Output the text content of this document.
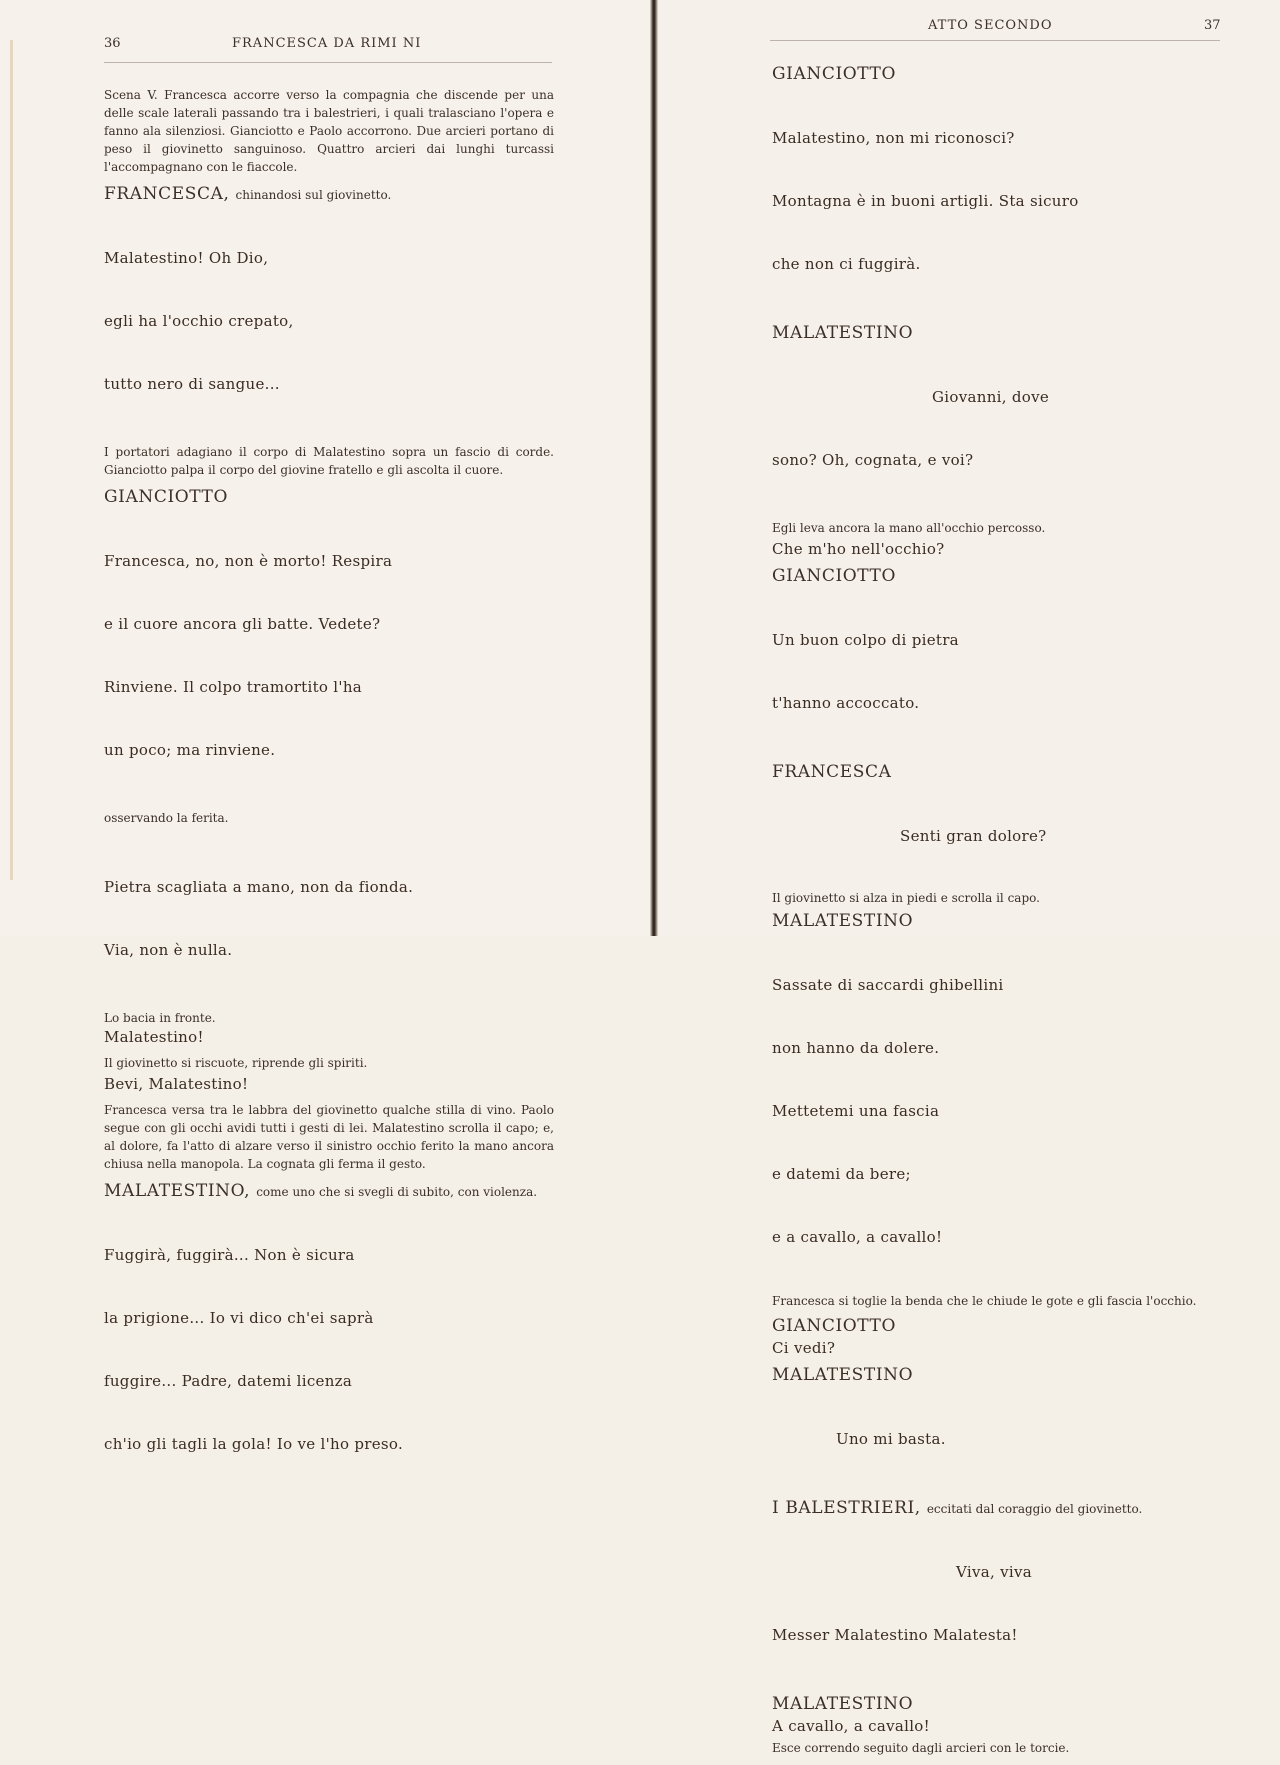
36	FRANCESCA DA RIMI NI

Scena V. Francesca accorre verso la compagnia che discende per una delle scale laterali passando tra i balestrieri, i quali tralasciano l'opera e fanno ala silenziosi. Gianciotto e Paolo accorrono. Due arcieri portano di peso il giovinetto sanguinoso. Quattro arcieri dai lunghi turcassi l'accompagnano con le fiaccole.

FRANCESCA, chinandosi sul giovinetto.

Malatestino! Oh Dio,

egli ha l'occhio crepato,

tutto nero di sangue...

I portatori adagiano il corpo di Malatestino sopra un fascio di corde. Gianciotto palpa il corpo del giovine fratello e gli ascolta il cuore.

GIANCIOTTO

Francesca, no, non è morto! Respira

e il cuore ancora gli batte. Vedete?

Rinviene. Il colpo tramortito l'ha

un poco; ma rinviene.

osservando la ferita.

Pietra scagliata a mano, non da fionda.

Via, non è nulla.

Lo bacia in fronte.

Malatestino!

Il giovinetto si riscuote, riprende gli spiriti.

Bevi, Malatestino!

Francesca versa tra le labbra del giovinetto qualche stilla di vino. Paolo segue con gli occhi avidi tutti i gesti di lei. Malatestino scrolla il capo; e, al dolore, fa l'atto di alzare verso il sinistro occhio ferito la mano ancora chiusa nella manopola. La cognata gli ferma il gesto.

MALATESTINO, come uno che si svegli di subito, con violenza.

Fuggirà, fuggirà... Non è sicura

la prigione... Io vi dico ch'ei saprà

fuggire... Padre, datemi licenza

ch'io gli tagli la gola! Io ve l'ho preso.

ATTO SECONDO	37
GIANCIOTTO

Malatestino, non mi riconosci?

Montagna è in buoni artigli. Sta sicuro

che non ci fuggirà.

MALATESTINO

Giovanni, dove

sono? Oh, cognata, e voi?

Egli leva ancora la mano all'occhio percosso.

Che m'ho nell'occhio?
GIANCIOTTO

Un buon colpo di pietra

t'hanno accoccato.

FRANCESCA

Senti gran dolore?

Il giovinetto si alza in piedi e scrolla il capo.

MALATESTINO

Sassate di saccardi ghibellini

non hanno da dolere.

Mettetemi una fascia

e datemi da bere;

e a cavallo, a cavallo!

Francesca si toglie la benda che le chiude le gote e gli fascia l'occhio.

GIANCIOTTO
Ci vedi?
MALATESTINO

Uno mi basta.

I BALESTRIERI, eccitati dal coraggio del giovinetto.

Viva, viva

Messer Malatestino Malatesta!

MALATESTINO
A cavallo, a cavallo!

Esce correndo seguito dagli arcieri con le torcie.
